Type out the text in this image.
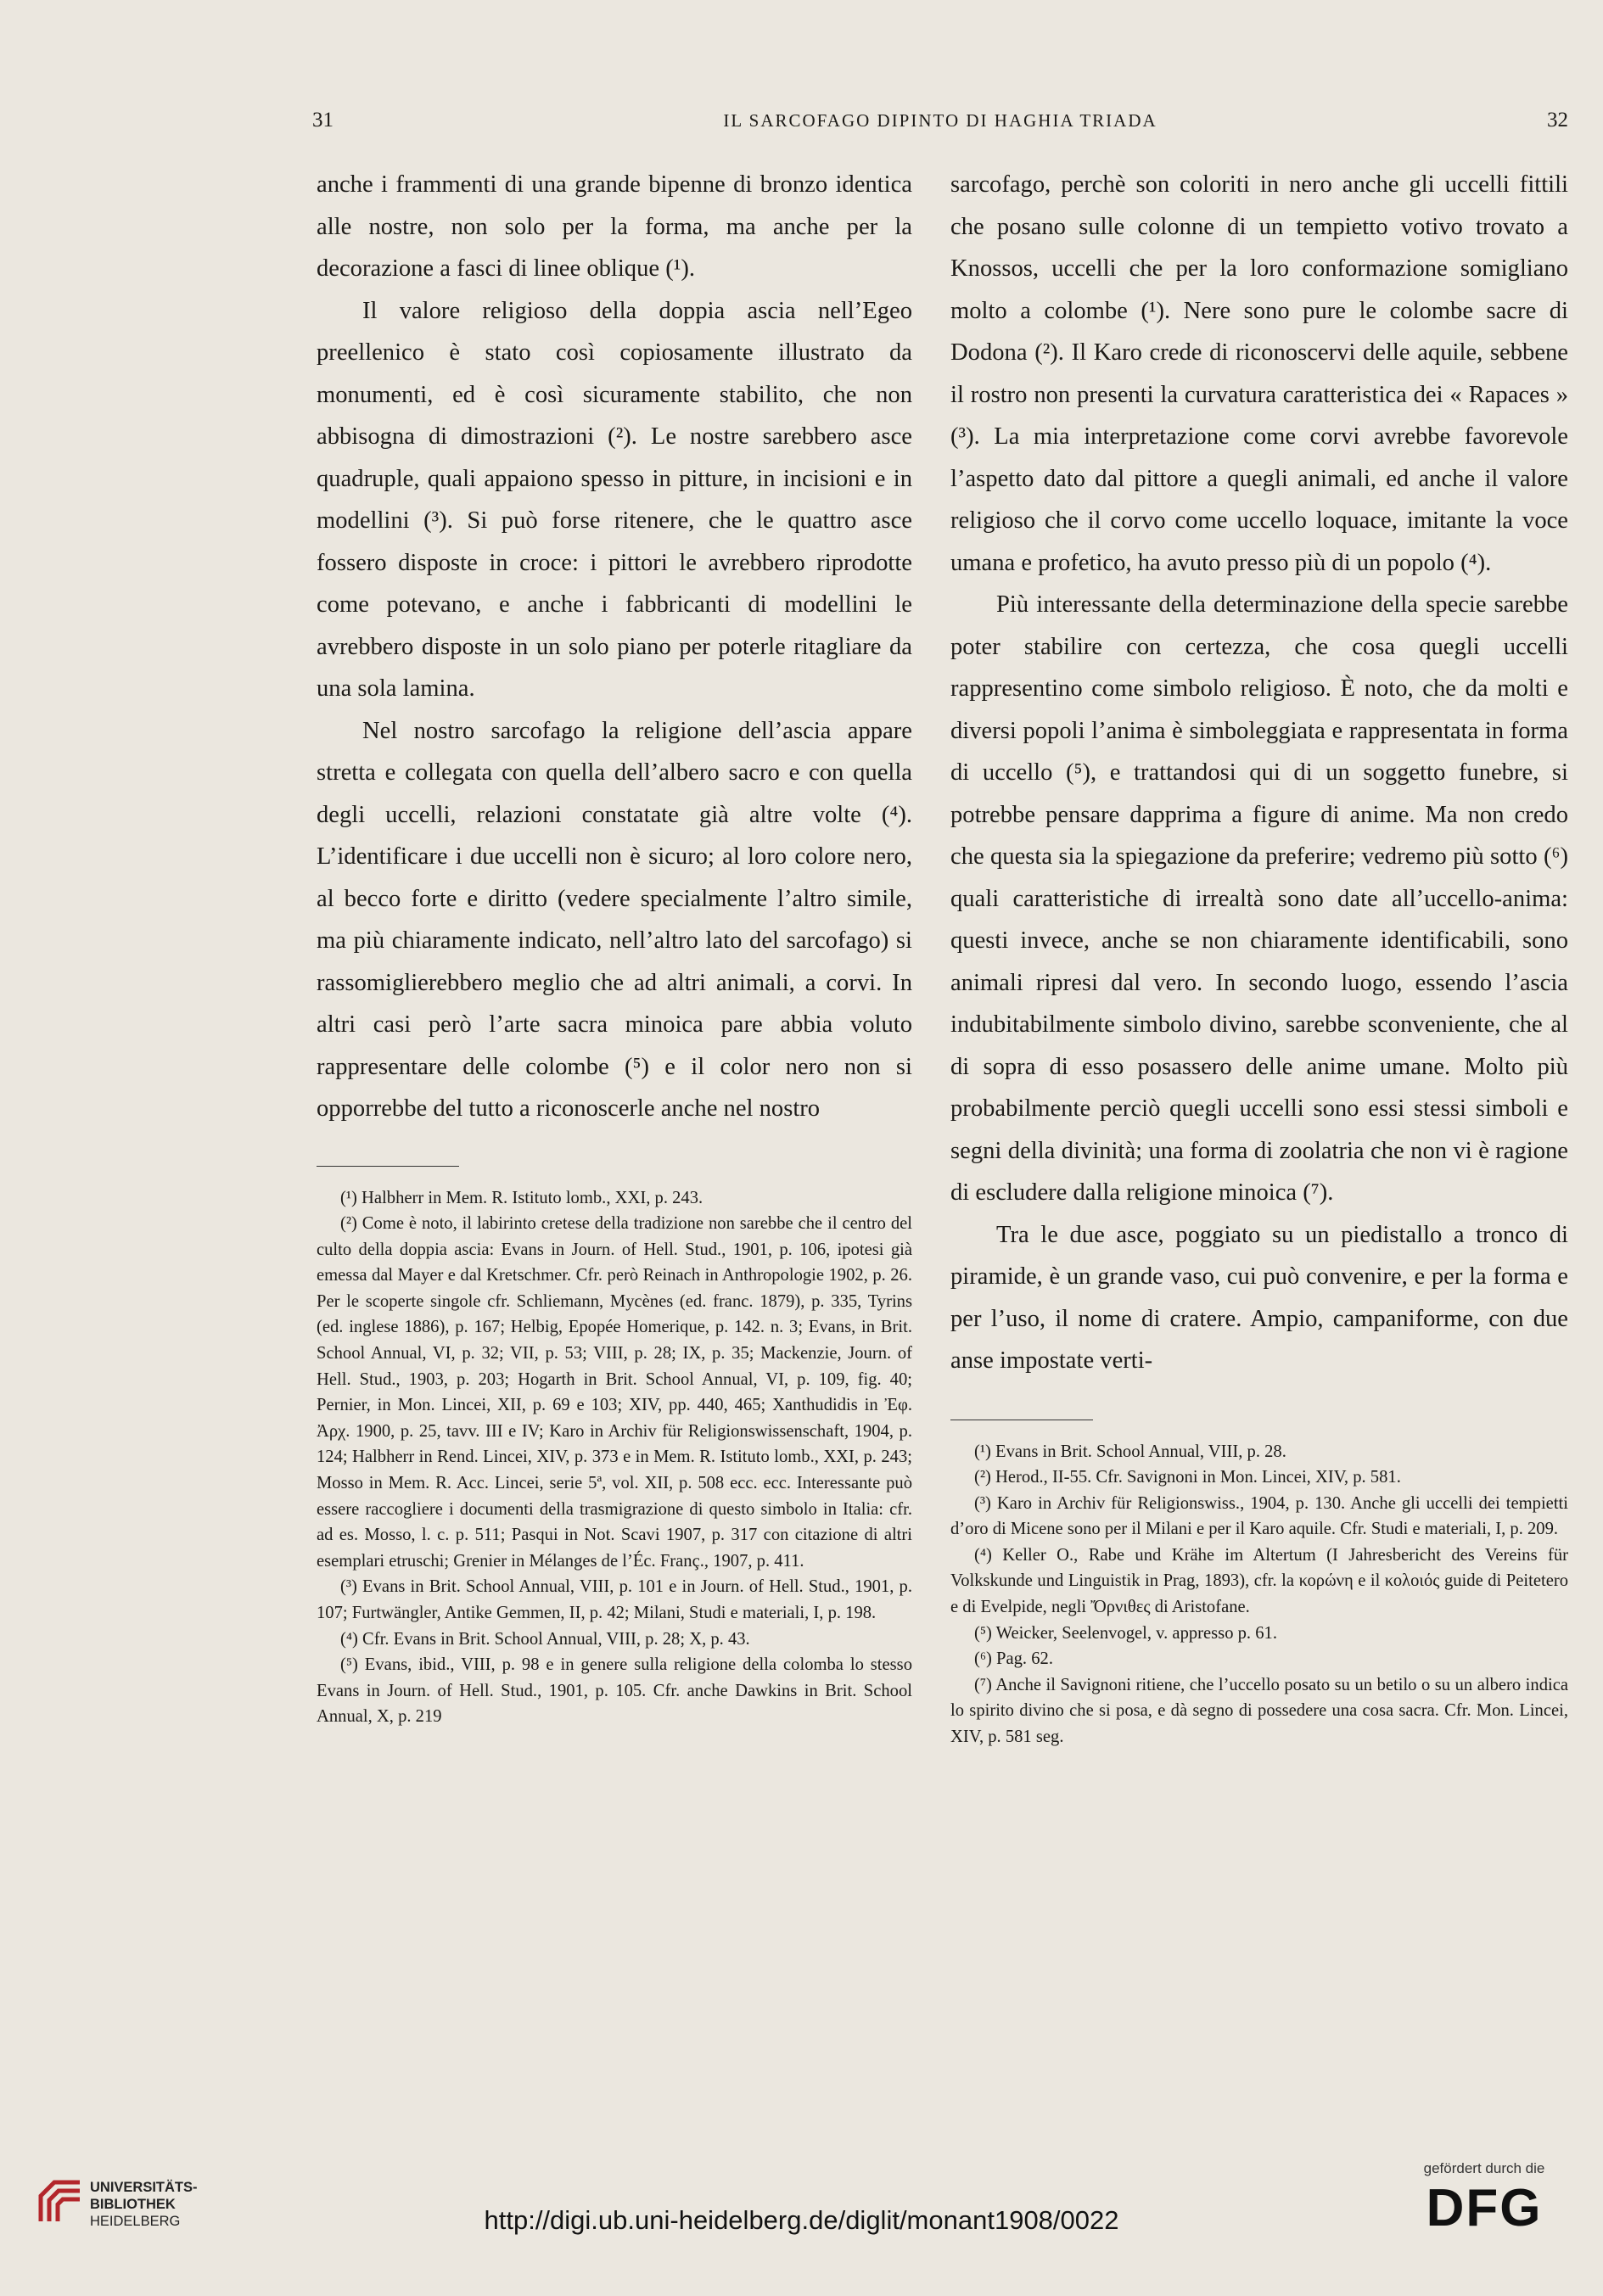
31	IL SARCOFAGO DIPINTO DI HAGHIA TRIADA	32

anche i frammenti di una grande bipenne di bronzo identica alle nostre, non solo per la forma, ma anche per la decorazione a fasci di linee oblique (¹).

Il valore religioso della doppia ascia nell’Egeo preellenico è stato così copiosamente illustrato da monumenti, ed è così sicuramente stabilito, che non abbisogna di dimostrazioni (²). Le nostre sarebbero asce quadruple, quali appaiono spesso in pitture, in incisioni e in modellini (³). Si può forse ritenere, che le quattro asce fossero disposte in croce: i pittori le avrebbero riprodotte come potevano, e anche i fabbricanti di modellini le avrebbero disposte in un solo piano per poterle ritagliare da una sola lamina.

Nel nostro sarcofago la religione dell’ascia appare stretta e collegata con quella dell’albero sacro e con quella degli uccelli, relazioni constatate già altre volte (⁴). L’identificare i due uccelli non è sicuro; al loro colore nero, al becco forte e diritto (vedere specialmente l’altro simile, ma più chiaramente indicato, nell’altro lato del sarcofago) si rassomiglierebbero meglio che ad altri animali, a corvi. In altri casi però l’arte sacra minoica pare abbia voluto rappresentare delle colombe (⁵) e il color nero non si opporrebbe del tutto a riconoscerle anche nel nostro

(¹) Halbherr in Mem. R. Istituto lomb., XXI, p. 243.

(²) Come è noto, il labirinto cretese della tradizione non sarebbe che il centro del culto della doppia ascia: Evans in Journ. of Hell. Stud., 1901, p. 106, ipotesi già emessa dal Mayer e dal Kretschmer. Cfr. però Reinach in Anthropologie 1902, p. 26. Per le scoperte singole cfr. Schliemann, Mycènes (ed. franc. 1879), p. 335, Tyrins (ed. inglese 1886), p. 167; Helbig, Epopée Homerique, p. 142. n. 3; Evans, in Brit. School Annual, VI, p. 32; VII, p. 53; VIII, p. 28; IX, p. 35; Mackenzie, Journ. of Hell. Stud., 1903, p. 203; Hogarth in Brit. School Annual, VI, p. 109, fig. 40; Pernier, in Mon. Lincei, XII, p. 69 e 103; XIV, pp. 440, 465; Xanthudidis in Ἐφ. Ἀρχ. 1900, p. 25, tavv. III e IV; Karo in Archiv für Religionswissenschaft, 1904, p. 124; Halbherr in Rend. Lincei, XIV, p. 373 e in Mem. R. Istituto lomb., XXI, p. 243; Mosso in Mem. R. Acc. Lincei, serie 5ª, vol. XII, p. 508 ecc. ecc. Interessante può essere raccogliere i documenti della trasmigrazione di questo simbolo in Italia: cfr. ad es. Mosso, l. c. p. 511; Pasqui in Not. Scavi 1907, p. 317 con citazione di altri esemplari etruschi; Grenier in Mélanges de l’Éc. Franç., 1907, p. 411.

(³) Evans in Brit. School Annual, VIII, p. 101 e in Journ. of Hell. Stud., 1901, p. 107; Furtwängler, Antike Gemmen, II, p. 42; Milani, Studi e materiali, I, p. 198.

(⁴) Cfr. Evans in Brit. School Annual, VIII, p. 28; X, p. 43.

(⁵) Evans, ibid., VIII, p. 98 e in genere sulla religione della colomba lo stesso Evans in Journ. of Hell. Stud., 1901, p. 105. Cfr. anche Dawkins in Brit. School Annual, X, p. 219

sarcofago, perchè son coloriti in nero anche gli uccelli fittili che posano sulle colonne di un tempietto votivo trovato a Knossos, uccelli che per la loro conformazione somigliano molto a colombe (¹). Nere sono pure le colombe sacre di Dodona (²). Il Karo crede di riconoscervi delle aquile, sebbene il rostro non presenti la curvatura caratteristica dei « Rapaces » (³). La mia interpretazione come corvi avrebbe favorevole l’aspetto dato dal pittore a quegli animali, ed anche il valore religioso che il corvo come uccello loquace, imitante la voce umana e profetico, ha avuto presso più di un popolo (⁴).

Più interessante della determinazione della specie sarebbe poter stabilire con certezza, che cosa quegli uccelli rappresentino come simbolo religioso. È noto, che da molti e diversi popoli l’anima è simboleggiata e rappresentata in forma di uccello (⁵), e trattandosi qui di un soggetto funebre, si potrebbe pensare dapprima a figure di anime. Ma non credo che questa sia la spiegazione da preferire; vedremo più sotto (⁶) quali caratteristiche di irrealtà sono date all’uccello-anima: questi invece, anche se non chiaramente identificabili, sono animali ripresi dal vero. In secondo luogo, essendo l’ascia indubitabilmente simbolo divino, sarebbe sconveniente, che al di sopra di esso posassero delle anime umane. Molto più probabilmente perciò quegli uccelli sono essi stessi simboli e segni della divinità; una forma di zoolatria che non vi è ragione di escludere dalla religione minoica (⁷).

Tra le due asce, poggiato su un piedistallo a tronco di piramide, è un grande vaso, cui può convenire, e per la forma e per l’uso, il nome di cratere. Ampio, campaniforme, con due anse impostate verti-

(¹) Evans in Brit. School Annual, VIII, p. 28.

(²) Herod., II-55. Cfr. Savignoni in Mon. Lincei, XIV, p. 581.

(³) Karo in Archiv für Religionswiss., 1904, p. 130. Anche gli uccelli dei tempietti d’oro di Micene sono per il Milani e per il Karo aquile. Cfr. Studi e materiali, I, p. 209.

(⁴) Keller O., Rabe und Krähe im Altertum (I Jahresbericht des Vereins für Volkskunde und Linguistik in Prag, 1893), cfr. la κορώνη e il κολοιός guide di Peitetero e di Evelpide, negli Ὄρνιθες di Aristofane.

(⁵) Weicker, Seelenvogel, v. appresso p. 61.

(⁶) Pag. 62.

(⁷) Anche il Savignoni ritiene, che l’uccello posato su un betilo o su un albero indica lo spirito divino che si posa, e dà segno di possedere una cosa sacra. Cfr. Mon. Lincei, XIV, p. 581 seg.

UNIVERSITÄTS-
BIBLIOTHEK
HEIDELBERG	http://digi.ub.uni-heidelberg.de/diglit/monant1908/0022
gefördert durch die
DFG
